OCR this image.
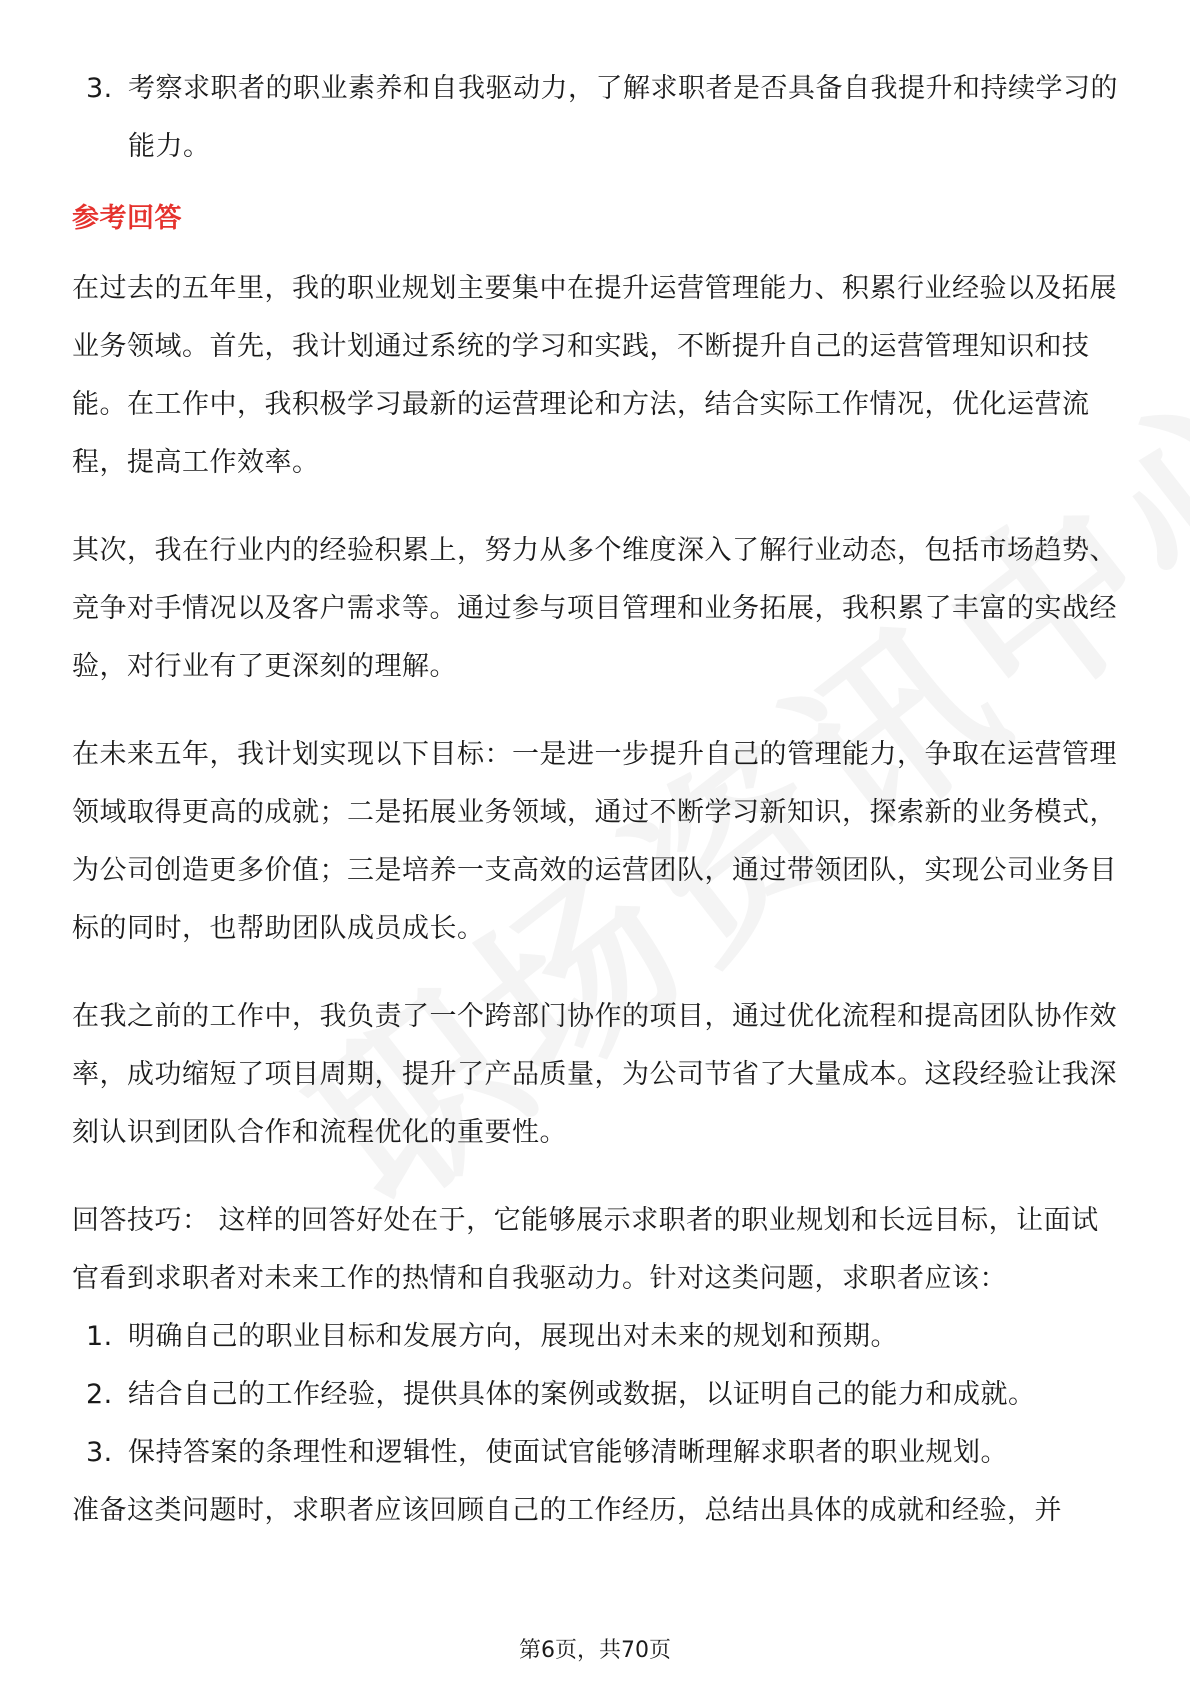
3. 考察求职者的职业素养和自我驱动力，了解求职者是否具备自我提升和持续学习的能力。
参考回答

在过去的五年里，我的职业规划主要集中在提升运营管理能力、积累行业经验以及拓展业务领域。首先，我计划通过系统的学习和实践，不断提升自己的运营管理知识和技能。在工作中，我积极学习最新的运营理论和方法，结合实际工作情况，优化运营流程，提高工作效率。

其次，我在行业内的经验积累上，努力从多个维度深入了解行业动态，包括市场趋势、竞争对手情况以及客户需求等。通过参与项目管理和业务拓展，我积累了丰富的实战经验，对行业有了更深刻的理解。

在未来五年，我计划实现以下目标：一是进一步提升自己的管理能力，争取在运营管理领域取得更高的成就；二是拓展业务领域，通过不断学习新知识，探索新的业务模式，为公司创造更多价值；三是培养一支高效的运营团队，通过带领团队，实现公司业务目标的同时，也帮助团队成员成长。

在我之前的工作中，我负责了一个跨部门协作的项目，通过优化流程和提高团队协作效率，成功缩短了项目周期，提升了产品质量，为公司节省了大量成本。这段经验让我深刻认识到团队合作和流程优化的重要性。

回答技巧： 这样的回答好处在于，它能够展示求职者的职业规划和长远目标，让面试官看到求职者对未来工作的热情和自我驱动力。针对这类问题，求职者应该：

1. 明确自己的职业目标和发展方向，展现出对未来的规划和预期。
2. 结合自己的工作经验，提供具体的案例或数据，以证明自己的能力和成就。
3. 保持答案的条理性和逻辑性，使面试官能够清晰理解求职者的职业规划。

准备这类问题时，求职者应该回顾自己的工作经历，总结出具体的成就和经验，并

第6页，共70页
